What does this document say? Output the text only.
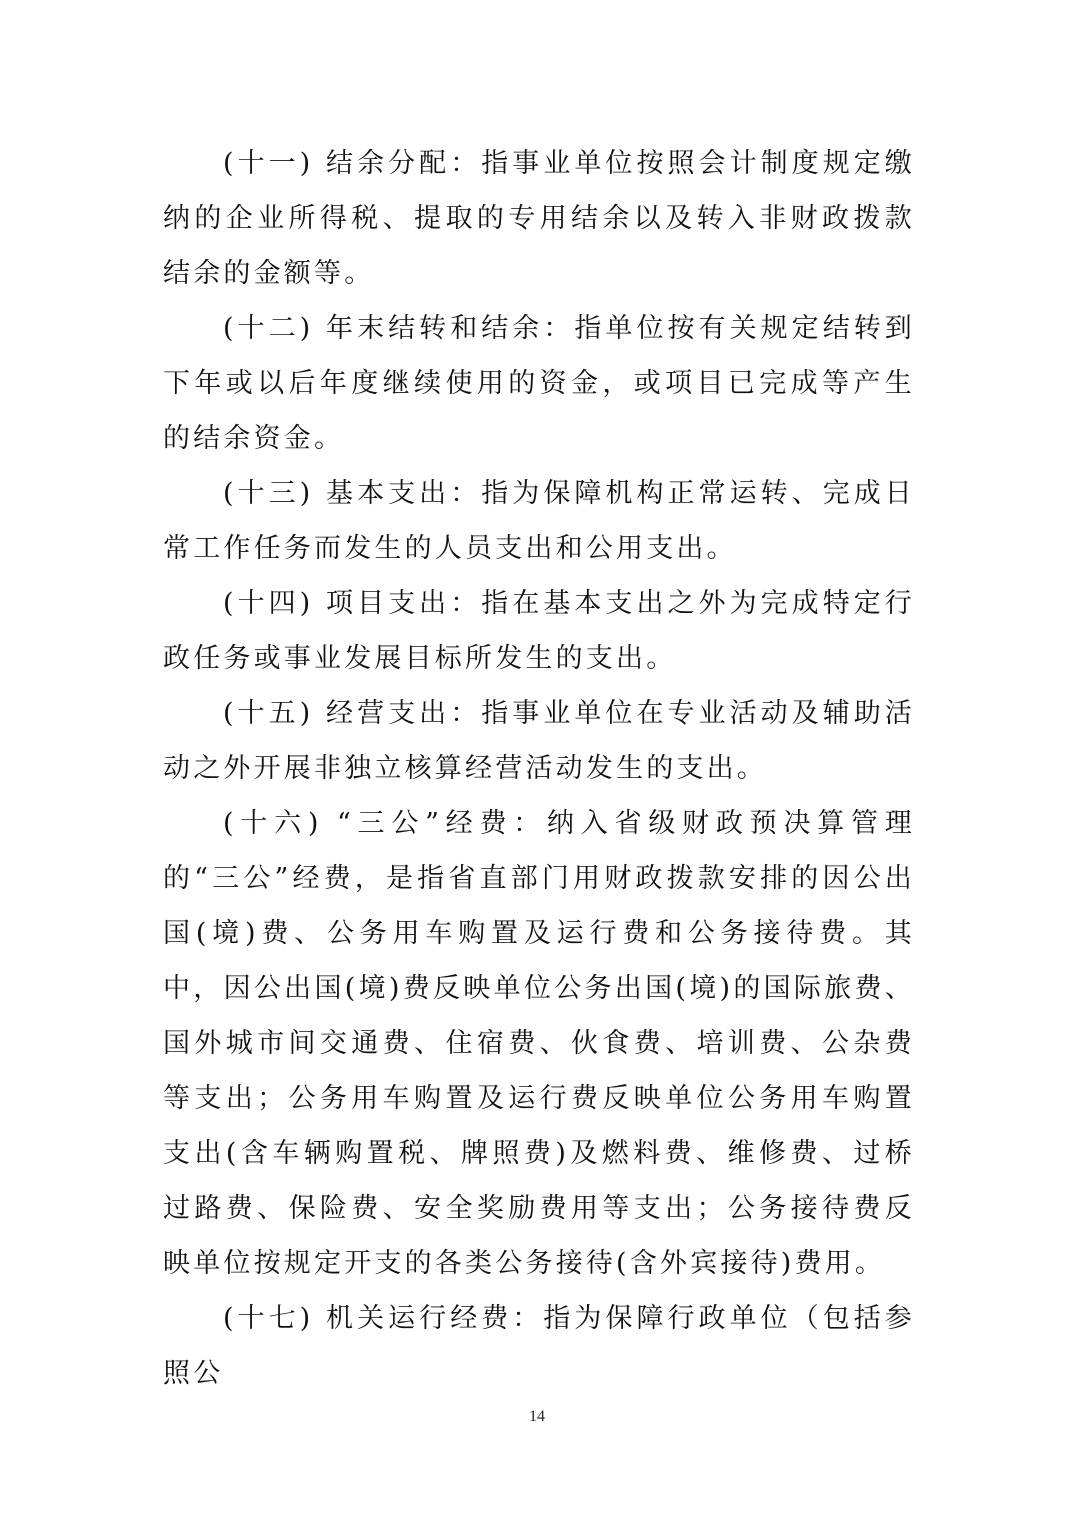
(十一) 结余分配：指事业单位按照会计制度规定缴纳的企业所得税、提取的专用结余以及转入非财政拨款结余的金额等。

(十二) 年末结转和结余：指单位按有关规定结转到下年或以后年度继续使用的资金，或项目已完成等产生的结余资金。

(十三) 基本支出：指为保障机构正常运转、完成日常工作任务而发生的人员支出和公用支出。

(十四) 项目支出：指在基本支出之外为完成特定行政任务或事业发展目标所发生的支出。

(十五) 经营支出：指事业单位在专业活动及辅助活动之外开展非独立核算经营活动发生的支出。

(十六) “三公”经费：纳入省级财政预决算管理的“三公”经费，是指省直部门用财政拨款安排的因公出国(境)费、公务用车购置及运行费和公务接待费。其中，因公出国(境)费反映单位公务出国(境)的国际旅费、国外城市间交通费、住宿费、伙食费、培训费、公杂费等支出；公务用车购置及运行费反映单位公务用车购置支出(含车辆购置税、牌照费)及燃料费、维修费、过桥过路费、保险费、安全奖励费用等支出；公务接待费反映单位按规定开支的各类公务接待(含外宾接待)费用。

(十七) 机关运行经费：指为保障行政单位（包括参照公

14
